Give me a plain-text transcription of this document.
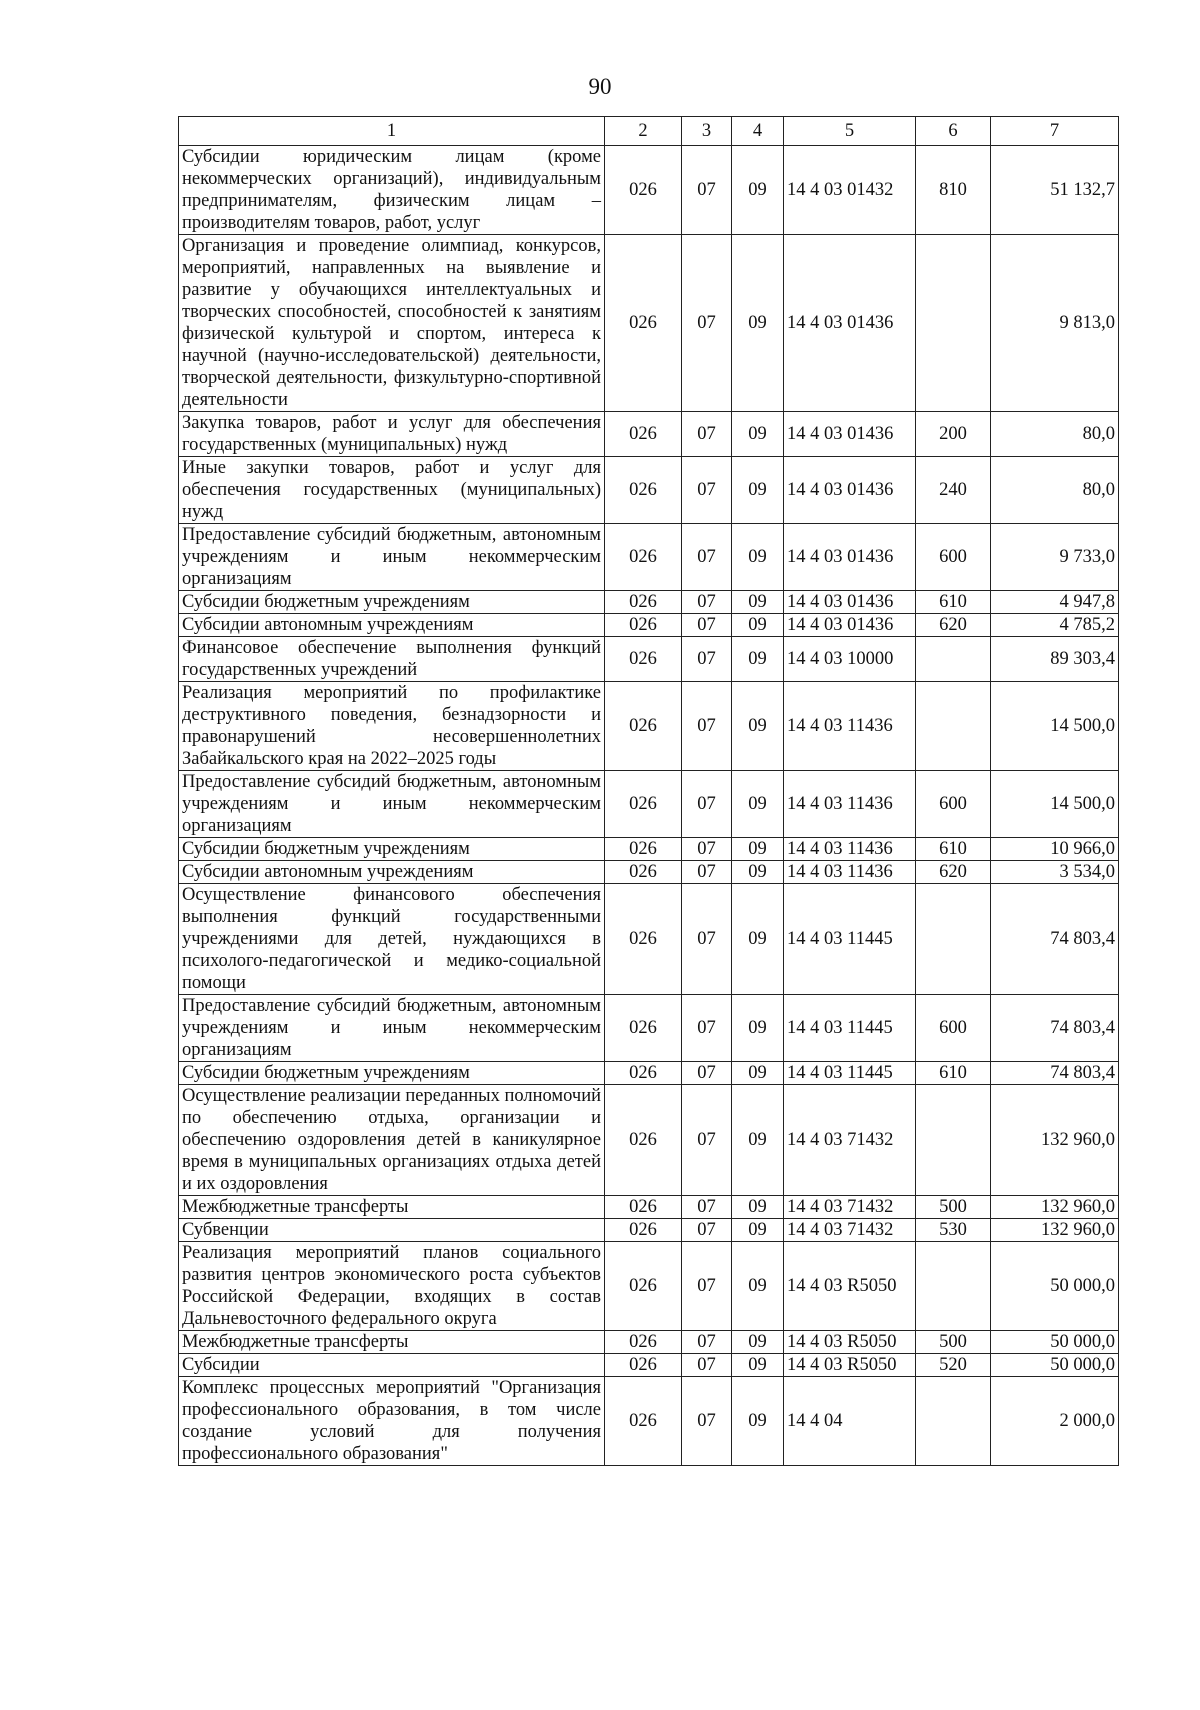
90
1	2	3	4	5	6	7
Субсидии юридическим лицам (кроме некоммерческих организаций), индивидуальным предпринимателям, физическим лицам – производителям товаров, работ, услуг	026	07	09	14 4 03 01432	810	51 132,7
Организация и проведение олимпиад, конкурсов, мероприятий, направленных на выявление и развитие у обучающихся интеллектуальных и творческих способностей, способностей к занятиям физической культурой и спортом, интереса к научной (научно-исследовательской) деятельности, творческой деятельности, физкультурно-спортивной деятельности	026	07	09	14 4 03 01436		9 813,0
Закупка товаров, работ и услуг для обеспечения государственных (муниципальных) нужд	026	07	09	14 4 03 01436	200	80,0
Иные закупки товаров, работ и услуг для обеспечения государственных (муниципальных) нужд	026	07	09	14 4 03 01436	240	80,0
Предоставление субсидий бюджетным, автономным учреждениям и иным некоммерческим организациям	026	07	09	14 4 03 01436	600	9 733,0
Субсидии бюджетным учреждениям	026	07	09	14 4 03 01436	610	4 947,8
Субсидии автономным учреждениям	026	07	09	14 4 03 01436	620	4 785,2
Финансовое обеспечение выполнения функций государственных учреждений	026	07	09	14 4 03 10000		89 303,4
Реализация мероприятий по профилактике деструктивного поведения, безнадзорности и правонарушений несовершеннолетних Забайкальского края на 2022–2025 годы	026	07	09	14 4 03 11436		14 500,0
Предоставление субсидий бюджетным, автономным учреждениям и иным некоммерческим организациям	026	07	09	14 4 03 11436	600	14 500,0
Субсидии бюджетным учреждениям	026	07	09	14 4 03 11436	610	10 966,0
Субсидии автономным учреждениям	026	07	09	14 4 03 11436	620	3 534,0
Осуществление финансового обеспечения выполнения функций государственными учреждениями для детей, нуждающихся в психолого-педагогической и медико-социальной помощи	026	07	09	14 4 03 11445		74 803,4
Предоставление субсидий бюджетным, автономным учреждениям и иным некоммерческим организациям	026	07	09	14 4 03 11445	600	74 803,4
Субсидии бюджетным учреждениям	026	07	09	14 4 03 11445	610	74 803,4
Осуществление реализации переданных полномочий по обеспечению отдыха, организации и обеспечению оздоровления детей в каникулярное время в муниципальных организациях отдыха детей и их оздоровления	026	07	09	14 4 03 71432		132 960,0
Межбюджетные трансферты	026	07	09	14 4 03 71432	500	132 960,0
Субвенции	026	07	09	14 4 03 71432	530	132 960,0
Реализация мероприятий планов социального развития центров экономического роста субъектов Российской Федерации, входящих в состав Дальневосточного федерального округа	026	07	09	14 4 03 R5050		50 000,0
Межбюджетные трансферты	026	07	09	14 4 03 R5050	500	50 000,0
Субсидии	026	07	09	14 4 03 R5050	520	50 000,0
Комплекс процессных мероприятий "Организация профессионального образования, в том числе создание условий для получения профессионального образования"	026	07	09	14 4 04		2 000,0
